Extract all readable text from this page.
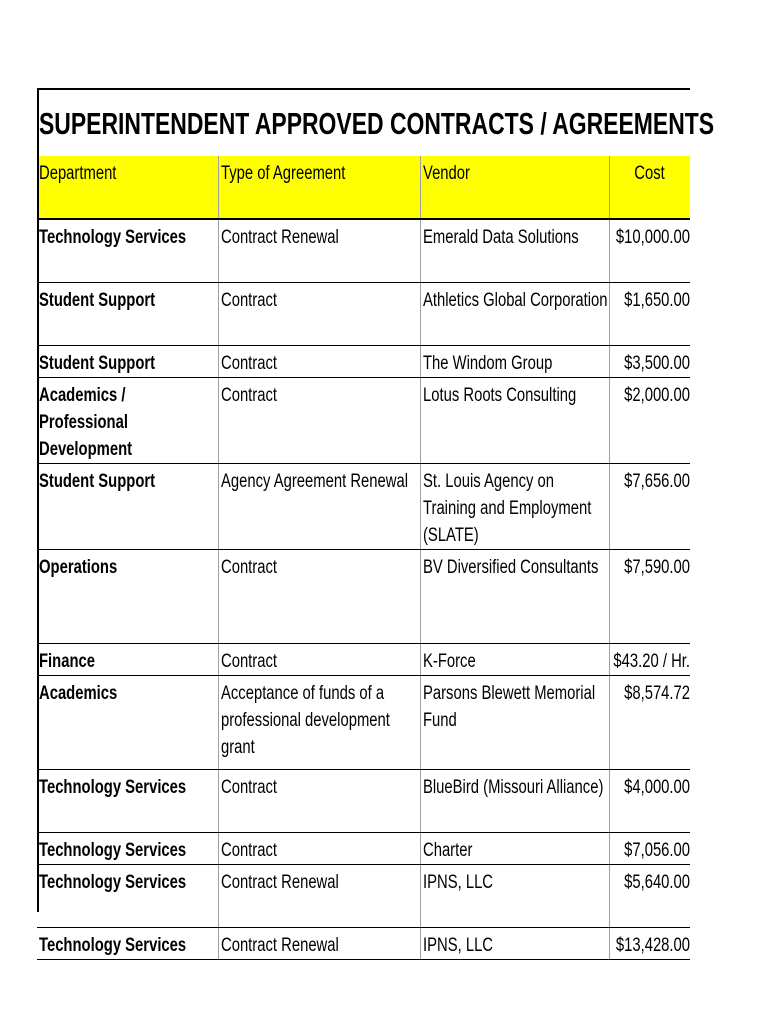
SUPERINTENDENT APPROVED CONTRACTS / AGREEMENTS
Department	Type of Agreement	Vendor	Cost

Technology Services	Contract Renewal	Emerald Data Solutions	$10,000.00

Student Support	Contract	Athletics Global Corporation	$1,650.00

Student Support	Contract	The Windom Group	$3,500.00

Academics / Professional Development	Contract	Lotus Roots Consulting	$2,000.00

Student Support	Agency Agreement Renewal	St. Louis Agency on Training and Employment (SLATE)	$7,656.00

Operations	Contract	BV Diversified Consultants	$7,590.00

Finance	Contract	K-Force	$43.20 / Hr.

Academics	Acceptance of funds of a professional development grant	Parsons Blewett Memorial Fund	$8,574.72

Technology Services	Contract	BlueBird (Missouri Alliance)	$4,000.00

Technology Services	Contract	Charter	$7,056.00

Technology Services	Contract Renewal	IPNS, LLC	$5,640.00

Technology Services	Contract Renewal	IPNS, LLC	$13,428.00
